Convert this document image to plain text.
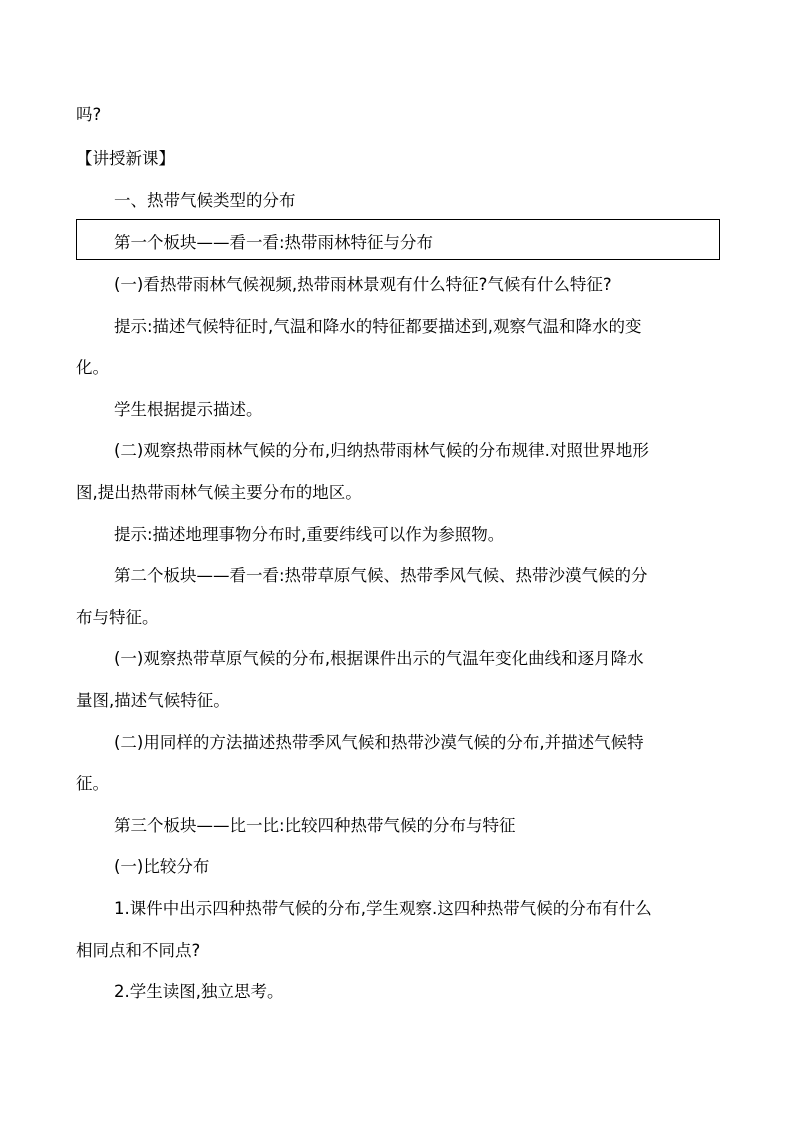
吗?
【讲授新课】
一、热带气候类型的分布
第一个板块——看一看:热带雨林特征与分布
(一)看热带雨林气候视频,热带雨林景观有什么特征?气候有什么特征?
提示:描述气候特征时,气温和降水的特征都要描述到,观察气温和降水的变
化。
学生根据提示描述。
(二)观察热带雨林气候的分布,归纳热带雨林气候的分布规律.对照世界地形
图,提出热带雨林气候主要分布的地区。
提示:描述地理事物分布时,重要纬线可以作为参照物。
第二个板块——看一看:热带草原气候、热带季风气候、热带沙漠气候的分
布与特征。
(一)观察热带草原气候的分布,根据课件出示的气温年变化曲线和逐月降水
量图,描述气候特征。
(二)用同样的方法描述热带季风气候和热带沙漠气候的分布,并描述气候特
征。
第三个板块——比一比:比较四种热带气候的分布与特征
(一)比较分布
1.课件中出示四种热带气候的分布,学生观察.这四种热带气候的分布有什么
相同点和不同点?
2.学生读图,独立思考。
